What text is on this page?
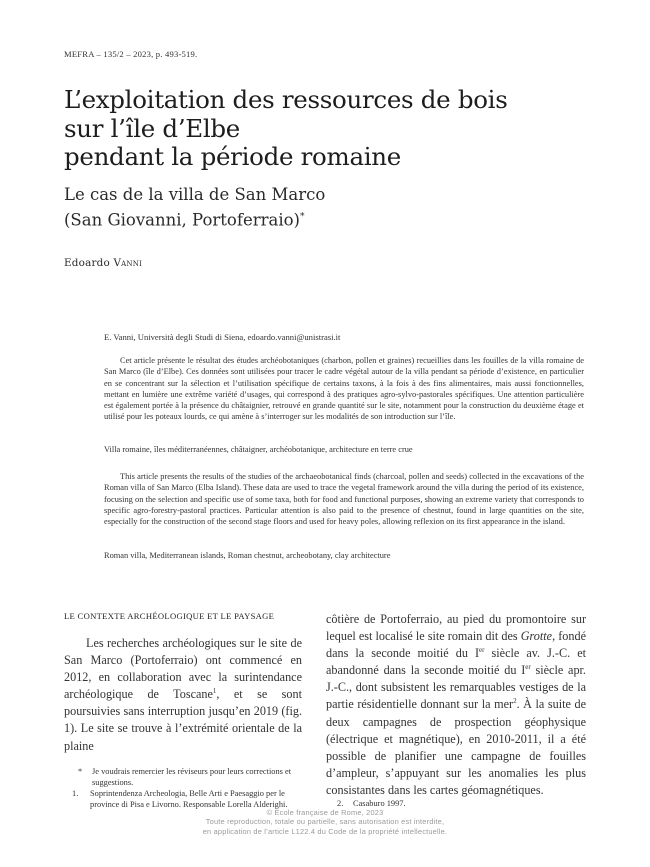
MEFRA – 135/2 – 2023, p. 493-519.
L’exploitation des ressources de bois
sur l’île d’Elbe
pendant la période romaine
Le cas de la villa de San Marco
(San Giovanni, Portoferraio)*
Edoardo Vanni
E. Vanni, Università degli Studi di Siena, edoardo.vanni@unistrasi.it
Cet article présente le résultat des études archéobotaniques (charbon, pollen et graines) recueillies dans les fouilles de la villa romaine de San Marco (île d’Elbe). Ces données sont utilisées pour tracer le cadre végétal autour de la villa pendant sa période d’existence, en particulier en se concentrant sur la sélection et l’utilisation spécifique de certains taxons, à la fois à des fins alimentaires, mais aussi fonctionnelles, mettant en lumière une extrême variété d’usages, qui correspond à des pratiques agro-sylvo-pastorales spécifiques. Une attention particulière est également portée à la présence du châtaignier, retrouvé en grande quantité sur le site, notamment pour la construction du deuxième étage et utilisé pour les poteaux lourds, ce qui amène à s’interroger sur les modalités de son introduction sur l’île.
Villa romaine, îles méditerranéennes, châtaigner, archéobotanique, architecture en terre crue
This article presents the results of the studies of the archaeobotanical finds (charcoal, pollen and seeds) collected in the excavations of the Roman villa of San Marco (Elba Island). These data are used to trace the vegetal framework around the villa during the period of its existence, focusing on the selection and specific use of some taxa, both for food and functional purposes, showing an extreme variety that corresponds to specific agro-forestry-pastoral practices. Particular attention is also paid to the presence of chestnut, found in large quantities on the site, especially for the construction of the second stage floors and used for heavy poles, allowing reflexion on its first appearance in the island.
Roman villa, Mediterranean islands, Roman chestnut, archeobotany, clay architecture
LE CONTEXTE ARCHÉOLOGIQUE ET LE PAYSAGE
Les recherches archéologiques sur le site de San Marco (Portoferraio) ont commencé en 2012, en collaboration avec la surintendance archéologique de Toscane$^1$, et se sont poursuivies sans interruption jusqu’en 2019 (fig. 1). Le site se trouve à l’extrémité orientale de la plaine
côtière de Portoferraio, au pied du promontoire sur lequel est localisé le site romain dit des Grotte, fondé dans la seconde moitié du Ier siècle av. J.-C. et abandonné dans la seconde moitié du Ier siècle apr. J.-C., dont subsistent les remarquables vestiges de la partie résidentielle donnant sur la mer$^2$. À la suite de deux campagnes de prospection géophysique (électrique et magnétique), en 2010-2011, il a été possible de planifier une campagne de fouilles d’ampleur, s’appuyant sur les anomalies les plus consistantes dans les cartes géomagnétiques.
*	Je voudrais remercier les réviseurs pour leurs corrections et suggestions.
1.	Soprintendenza Archeologia, Belle Arti e Paesaggio per le province di Pisa e Livorno. Responsable Lorella Alderighi.	2.	Casaburo 1997.
© École française de Rome, 2023
Toute reproduction, totale ou partielle, sans autorisation est interdite,
en application de l’article L122.4 du Code de la propriété intellectuelle.
